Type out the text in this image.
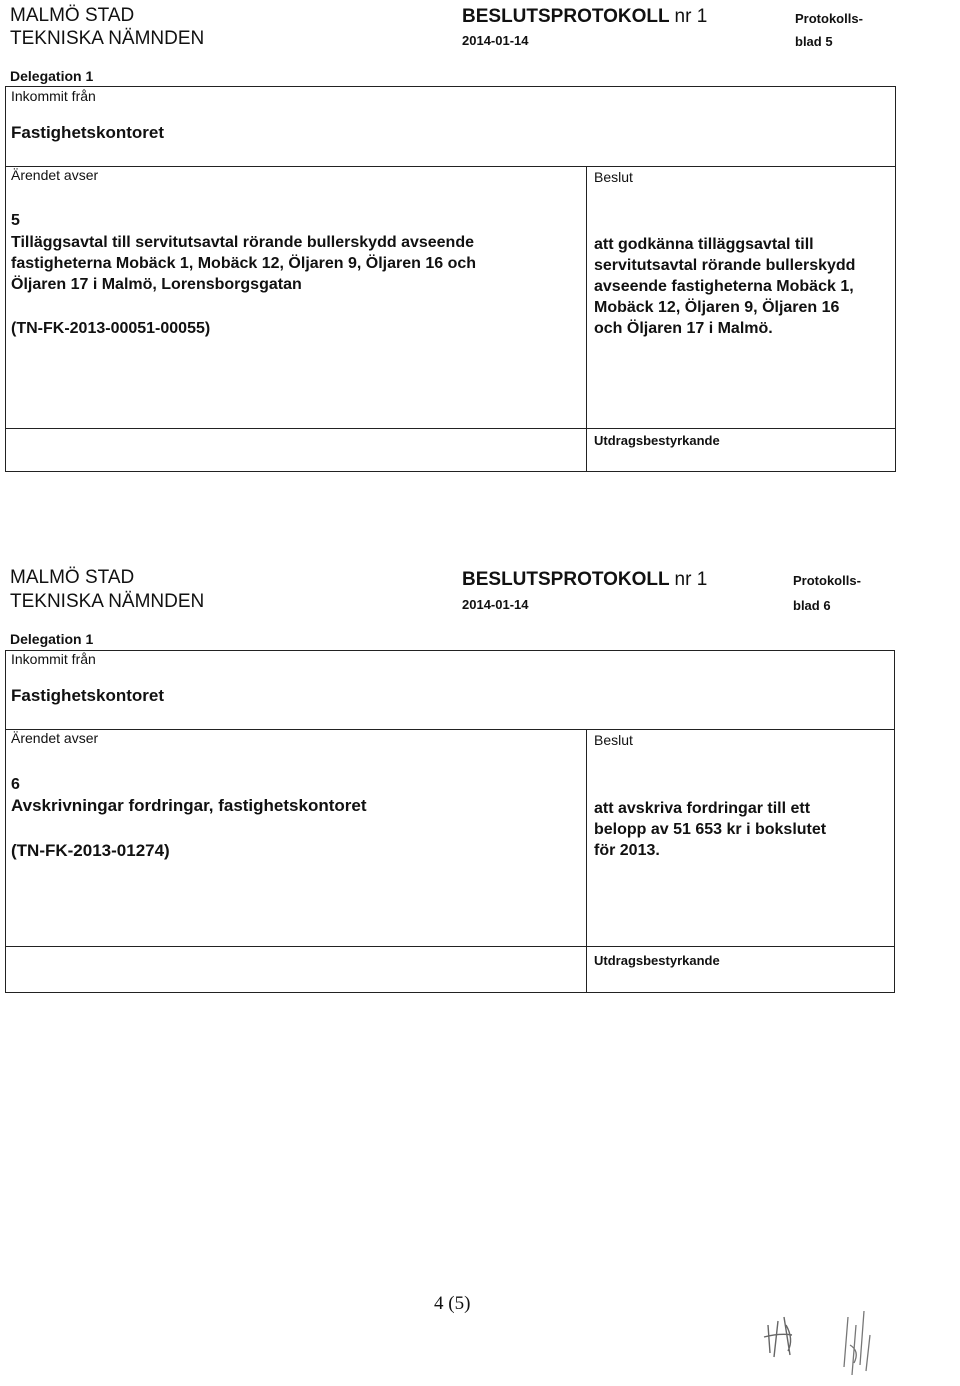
MALMÖ STAD
TEKNISKA NÄMNDEN
BESLUTSPROTOKOLL nr 1
2014-01-14
Protokolls-
blad 5
Delegation 1
Inkommit från
Fastighetskontoret
Ärendet avser	Beslut
5
Tilläggsavtal till servitutsavtal rörande bullerskydd avseende
fastigheterna Mobäck 1, Mobäck 12, Öljaren 9, Öljaren 16 och
Öljaren 17 i Malmö, Lorensborgsgatan
(TN-FK-2013-00051-00055)
att godkänna tilläggsavtal till
servitutsavtal rörande bullerskydd
avseende fastigheterna Mobäck 1,
Mobäck 12, Öljaren 9, Öljaren 16
och Öljaren 17 i Malmö.
Utdragsbestyrkande
MALMÖ STAD
TEKNISKA NÄMNDEN
BESLUTSPROTOKOLL nr 1
2014-01-14
Protokolls-
blad 6
Delegation 1
Inkommit från
Fastighetskontoret
Ärendet avser	Beslut
6
Avskrivningar fordringar, fastighetskontoret
(TN-FK-2013-01274)
att avskriva fordringar till ett
belopp av 51 653 kr i bokslutet
för 2013.
Utdragsbestyrkande
4 (5)
